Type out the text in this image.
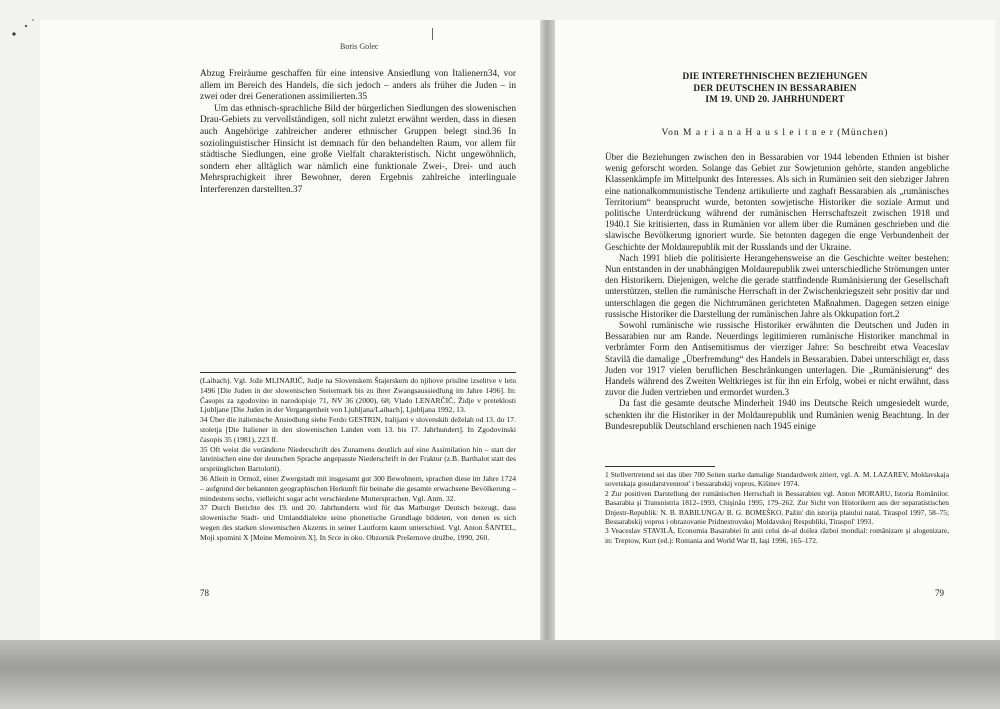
Boris Golec

Abzug Freiräume geschaffen für eine intensive Ansiedlung von Italienern34, vor allem im Bereich des Handels, die sich jedoch – anders als früher die Juden – in zwei oder drei Generationen assimilierten.35

Um das ethnisch-sprachliche Bild der bürgerlichen Siedlungen des slowenischen Drau-Gebiets zu vervollständigen, soll nicht zuletzt erwähnt werden, dass in diesen auch Angehörige zahlreicher anderer ethnischer Gruppen belegt sind.36 In soziolinguistischer Hinsicht ist demnach für den behandelten Raum, vor allem für städtische Siedlungen, eine große Vielfalt charakteristisch. Nicht ungewöhnlich, sondern eher alltäglich war nämlich eine funktionale Zwei-, Drei- und auch Mehrsprachigkeit ihrer Bewohner, deren Ergebnis zahlreiche interlinguale Interferenzen darstellten.37

(Laibach). Vgl. Jože MLINARIČ, Judje na Slovenskem Štajerskem do njihove prisilne izselitve v letu 1496 [Die Juden in der slowenischen Steiermark bis zu ihrer Zwangsaussiedlung im Jahre 1496]. In: Časopis za zgodovino in narodopisje 71, NV 36 (2000), 68; Vlado LENARČIČ, Židje v preteklosti Ljubljane [Die Juden in der Vergangenheit von Ljubljana/Laibach], Ljubljana 1992, 13.

34 Über die italienische Ansiedlung siehe Ferdo GESTRIN, Italijani v slovenskih deželah od 13. do 17. stoletja [Die Italiener in den slowenischen Landen vom 13. bis 17. Jahrhundert]. In Zgodovinski časopis 35 (1981), 223 ff.

35 Oft weist die veränderte Niederschrift des Zunamens deutlich auf eine Assimilation hin – statt der lateinischen eine der deutschen Sprache angepasste Niederschrift in der Fraktur (z.B. Barthalot statt des ursprünglichen Bartolotti).

36 Allein in Ormož, einer Zwergstadt mit insgesamt gut 300 Bewohnern, sprachen diese im Jahre 1724 – aufgrund der bekannten geographischen Herkunft für beinahe die gesamte erwachsene Bevölkerung – mindestens sechs, vielleicht sogar acht verschiedene Muttersprachen. Vgl. Anm. 32.

37 Durch Berichte des 19. und 20. Jahrhunderts wird für das Marburger Deutsch bezeugt, dass slowenische Stadt- und Umlanddialekte seine phonetische Grundlage bildeten, von denen es sich wegen des starken slowenischen Akzents in seiner Lautform kaum unterschied. Vgl. Anton ŠANTEL, Moji spomini X [Meine Memoiren X]. In Srce in oko. Obzornik Prešernove družbe, 1990, 260.

78
DIE INTERETHNISCHEN BEZIEHUNGEN
DER DEUTSCHEN IN BESSARABIEN
IM 19. UND 20. JAHRHUNDERT
Von M a r i a n a H a u s l e i t n e r (München)

Über die Beziehungen zwischen den in Bessarabien vor 1944 lebenden Ethnien ist bisher wenig geforscht worden. Solange das Gebiet zur Sowjetunion gehörte, standen angebliche Klassenkämpfe im Mittelpunkt des Interesses. Als sich in Rumänien seit den siebziger Jahren eine nationalkommunistische Tendenz artikulierte und zaghaft Bessarabien als „rumänisches Territorium“ beansprucht wurde, betonten sowjetische Historiker die soziale Armut und politische Unterdrückung während der rumänischen Herrschaftszeit zwischen 1918 und 1940.1 Sie kritisierten, dass in Rumänien vor allem über die Rumänen geschrieben und die slawische Bevölkerung ignoriert wurde. Sie betonten dagegen die enge Verbundenheit der Geschichte der Moldaurepublik mit der Russlands und der Ukraine.

Nach 1991 blieb die politisierte Herangehensweise an die Geschichte weiter bestehen: Nun entstanden in der unabhängigen Moldaurepublik zwei unterschiedliche Strömungen unter den Historikern. Diejenigen, welche die gerade stattfindende Rumänisierung der Gesellschaft unterstützen, stellen die rumänische Herrschaft in der Zwischenkriegszeit sehr positiv dar und unterschlagen die gegen die Nichtrumänen gerichteten Maßnahmen. Dagegen setzen einige russische Historiker die Darstellung der rumänischen Jahre als Okkupation fort.2

Sowohl rumänische wie russische Historiker erwähnten die Deutschen und Juden in Bessarabien nur am Rande. Neuerdings legitimieren rumänische Historiker manchmal in verbrämter Form den Antisemitismus der vierziger Jahre: So beschreibt etwa Veaceslav Stavilă die damalige „Überfremdung“ des Handels in Bessarabien. Dabei unterschlägt er, dass Juden vor 1917 vielen beruflichen Beschränkungen unterlagen. Die „Rumänisierung“ des Handels während des Zweiten Weltkrieges ist für ihn ein Erfolg, wobei er nicht erwähnt, dass zuvor die Juden vertrieben und ermordet wurden.3

Da fast die gesamte deutsche Minderheit 1940 ins Deutsche Reich umgesiedelt wurde, schenkten ihr die Historiker in der Moldaurepublik und Rumänien wenig Beachtung. In der Bundesrepublik Deutschland erschienen nach 1945 einige

1 Stellvertretend sei das über 700 Seiten starke damalige Standardwerk zitiert, vgl. A. M. LAZAREV, Moldavskaja sovetskaja gosudarstvennost' i bessarabskij vopros, Kišinev 1974.

2 Zur positiven Darstellung der rumänischen Herrschaft in Bessarabien vgl. Anton MORARU, Istoria Românilor. Basarabia şi Transnistria 1812–1993, Chişinău 1995, 179–262. Zur Sicht von Historikern aus der separatistischen Dnjestr-Republik: N. B. BABILUNGA/ B. G. BOMEŠKO, Pažin' din istorija plaiului natal, Tiraspol 1997, 58–75; Bessarabskij vopros i obrazovanie Pridnestrovskoj Moldavskoj Respubliki, Tiraspol' 1993.

3 Veaceslav STAVILĂ, Economia Basarabiei în anii celui de-al doilea război mondial: românizare şi alogenizare, in: Treptow, Kurt (ed.): Romania and World War II, Iaşi 1996, 165–172.

79
